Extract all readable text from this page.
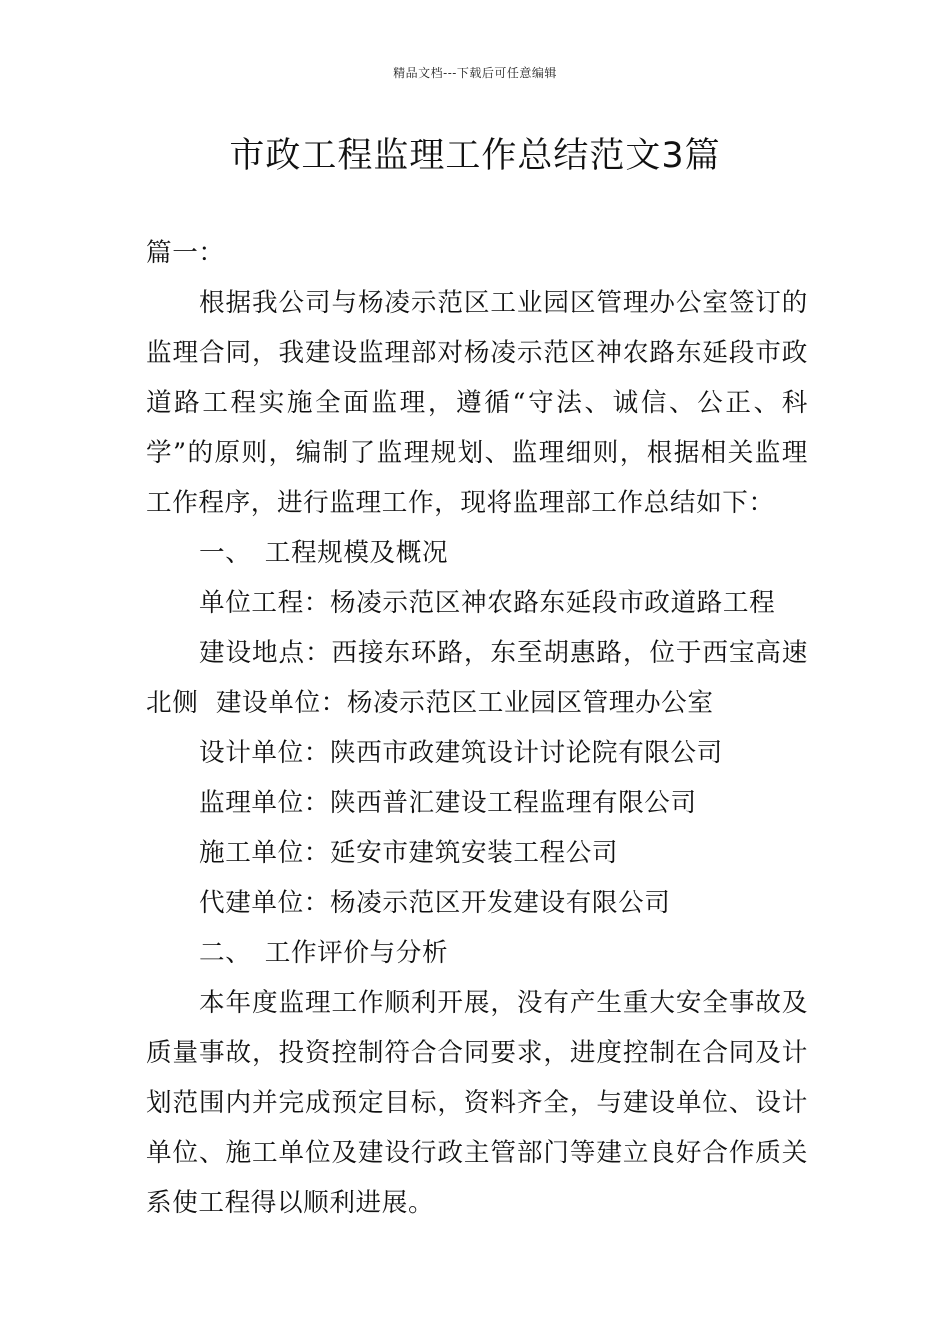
精品文档---下载后可任意编辑
市政工程监理工作总结范文3篇

篇一：

根据我公司与杨凌示范区工业园区管理办公室签订的
监理合同，我建设监理部对杨凌示范区神农路东延段市政
道路工程实施全面监理，遵循“守法、诚信、公正、科
学”的原则，编制了监理规划、监理细则，根据相关监理
工作程序，进行监理工作，现将监理部工作总结如下：

一、　工程规模及概况

单位工程：杨凌示范区神农路东延段市政道路工程

建设地点：西接东环路，东至胡惠路，位于西宝高速
北侧  建设单位：杨凌示范区工业园区管理办公室

设计单位：陕西市政建筑设计讨论院有限公司

监理单位：陕西普汇建设工程监理有限公司

施工单位：延安市建筑安装工程公司

代建单位：杨凌示范区开发建设有限公司

二、　工作评价与分析

本年度监理工作顺利开展，没有产生重大安全事故及
质量事故，投资控制符合合同要求，进度控制在合同及计
划范围内并完成预定目标，资料齐全，与建设单位、设计
单位、施工单位及建设行政主管部门等建立良好合作质关
系使工程得以顺利进展。
